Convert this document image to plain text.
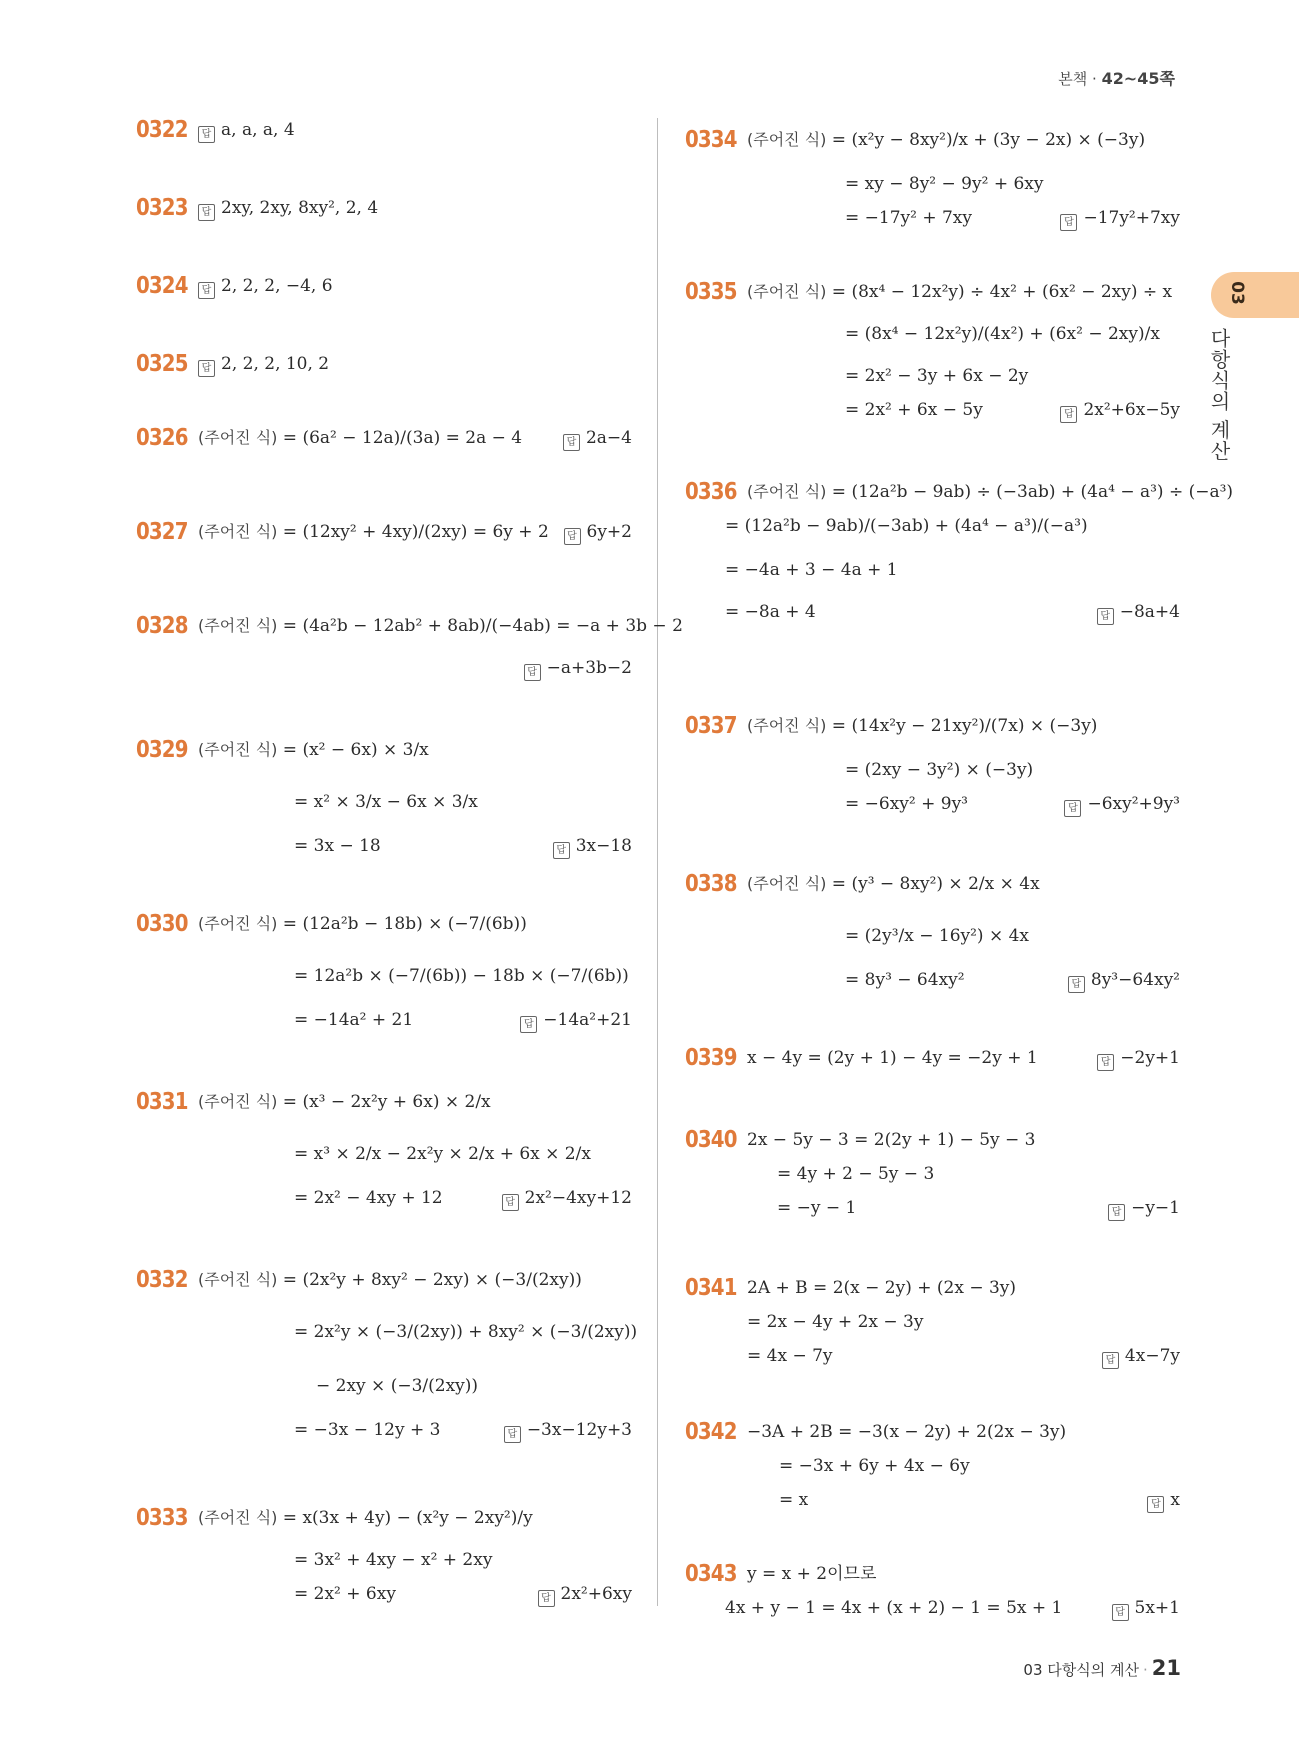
본책 · 42∼45쪽
03
다항식의 계산
0322	답 a, a, a, 4
0323	답 2xy, 2xy, 8xy², 2, 4
0324	답 2, 2, 2, −4, 6
0325	답 2, 2, 2, 10, 2
0326 (주어진 식) = (6a² − 12a)/(3a) = 2a − 4	답 2a−4
0327 (주어진 식) = (12xy² + 4xy)/(2xy) = 6y + 2	답 6y+2
0328 (주어진 식) = (4a²b − 12ab² + 8ab)/(−4ab) = −a + 3b − 2
답 −a+3b−2
0329 (주어진 식) = (x² − 6x) × 3/x
= x² × 3/x − 6x × 3/x
= 3x − 18	답 3x−18
0330 (주어진 식) = (12a²b − 18b) × (−7/(6b))
= 12a²b × (−7/(6b)) − 18b × (−7/(6b))
= −14a² + 21	답 −14a²+21
0331 (주어진 식) = (x³ − 2x²y + 6x) × 2/x
= x³ × 2/x − 2x²y × 2/x + 6x × 2/x
= 2x² − 4xy + 12	답 2x²−4xy+12
0332 (주어진 식) = (2x²y + 8xy² − 2xy) × (−3/(2xy))
= 2x²y × (−3/(2xy)) + 8xy² × (−3/(2xy))
− 2xy × (−3/(2xy))
= −3x − 12y + 3	답 −3x−12y+3
0333 (주어진 식) = x(3x + 4y) − (x²y − 2xy²)/y
= 3x² + 4xy − x² + 2xy
= 2x² + 6xy	답 2x²+6xy
0334 (주어진 식) = (x²y − 8xy²)/x + (3y − 2x) × (−3y)
= xy − 8y² − 9y² + 6xy
= −17y² + 7xy	답 −17y²+7xy
0335 (주어진 식) = (8x⁴ − 12x²y) ÷ 4x² + (6x² − 2xy) ÷ x
= (8x⁴ − 12x²y)/(4x²) + (6x² − 2xy)/x
= 2x² − 3y + 6x − 2y
= 2x² + 6x − 5y	답 2x²+6x−5y
0336 (주어진 식) = (12a²b − 9ab) ÷ (−3ab) + (4a⁴ − a³) ÷ (−a³)
= (12a²b − 9ab)/(−3ab) + (4a⁴ − a³)/(−a³)
= −4a + 3 − 4a + 1
= −8a + 4	답 −8a+4
0337 (주어진 식) = (14x²y − 21xy²)/(7x) × (−3y)
= (2xy − 3y²) × (−3y)
= −6xy² + 9y³	답 −6xy²+9y³
0338 (주어진 식) = (y³ − 8xy²) × 2/x × 4x
= (2y³/x − 16y²) × 4x
= 8y³ − 64xy²	답 8y³−64xy²
0339 x − 4y = (2y + 1) − 4y = −2y + 1	답 −2y+1
0340 2x − 5y − 3 = 2(2y + 1) − 5y − 3
= 4y + 2 − 5y − 3
= −y − 1	답 −y−1
0341 2A + B = 2(x − 2y) + (2x − 3y)
= 2x − 4y + 2x − 3y
= 4x − 7y	답 4x−7y
0342 −3A + 2B = −3(x − 2y) + 2(2x − 3y)
= −3x + 6y + 4x − 6y
= x	답 x
0343 y = x + 2이므로
4x + y − 1 = 4x + (x + 2) − 1 = 5x + 1	답 5x+1
03 다항식의 계산 · 21
